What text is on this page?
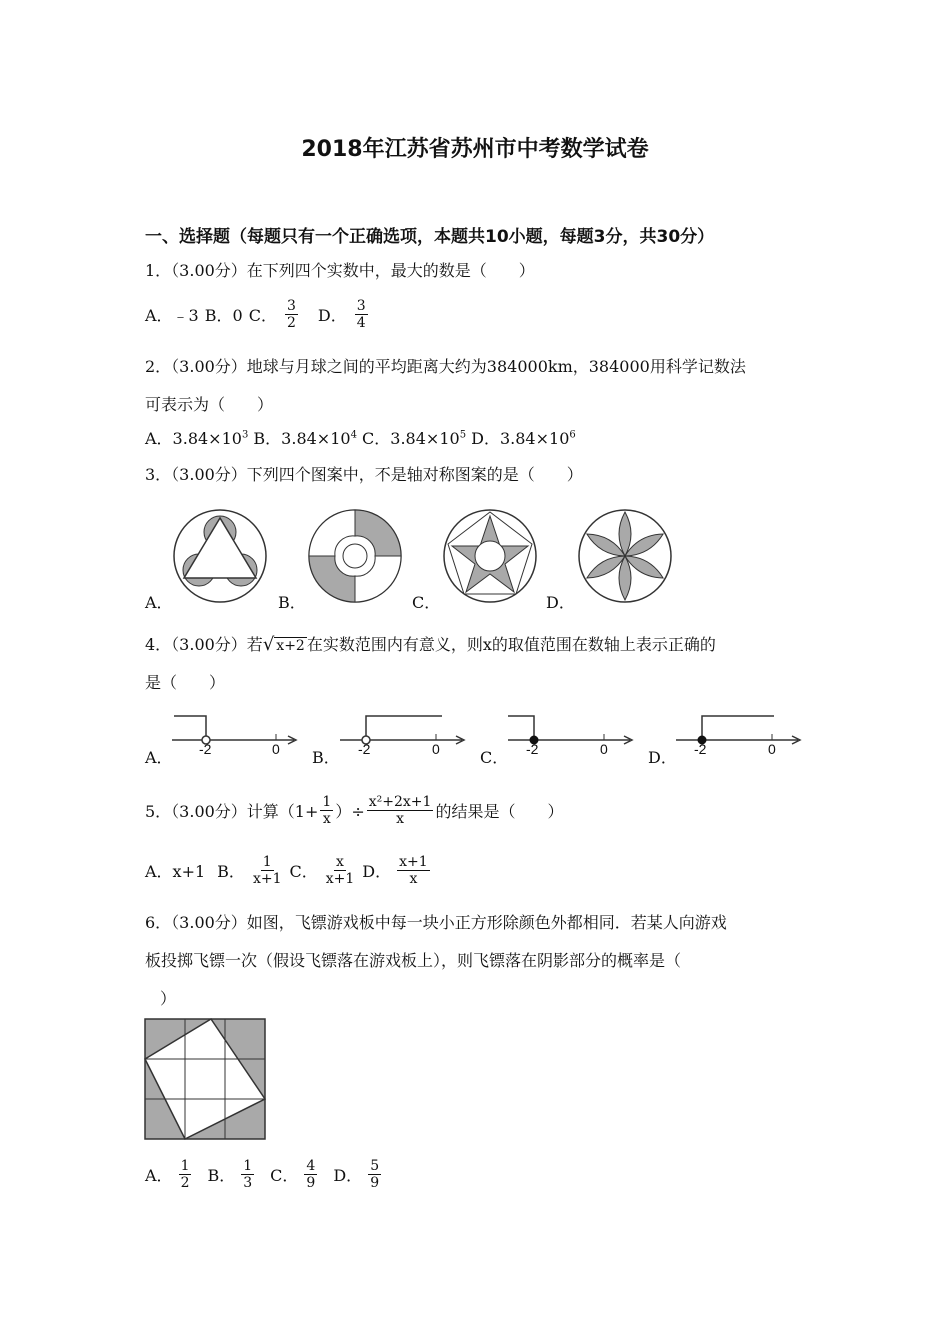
2018年江苏省苏州市中考数学试卷
一、选择题（每题只有一个正确选项，本题共10小题，每题3分，共30分）
1．（3.00分）在下列四个实数中，最大的数是（　　）
A．﹣3 B．0 C． $\frac{3}{2}$ D． $\frac{3}{4}$
2．（3.00分）地球与月球之间的平均距离大约为384000km，384000用科学记数法
可表示为（　　）
A．$3.84\times 10^3$ B．$3.84\times 10^4$ C．$3.84\times 10^5$ D．$3.84\times 10^6$
3．（3.00分）下列四个图案中，不是轴对称图案的是（　　）
A．	B．	C．	D．
4．（3.00分）若√ x+2 在实数范围内有意义，则x的取值范围在数轴上表示正确的
是（　　）
A．	B．	C．	D．
-2	0	-2	0	-2	0	-2	0
5．（3.00分）计算（$1+ \frac{1}{x}$ ）÷ $\frac{\text{x²+2x+1}}{x}$ 的结果是（　　）
A．x+1 B． $\frac{1}{x+1}$ C． $\frac{x}{x+1}$ D． $\frac{x+1}{x}$
6．（3.00分）如图，飞镖游戏板中每一块小正方形除颜色外都相同．若某人向游戏
板投掷飞镖一次（假设飞镖落在游戏板上），则飞镖落在阴影部分的概率是（
）
A． $\frac{1}{2}$ B． $\frac{1}{3}$ C． $\frac{4}{9}$ D． $\frac{5}{9}$
